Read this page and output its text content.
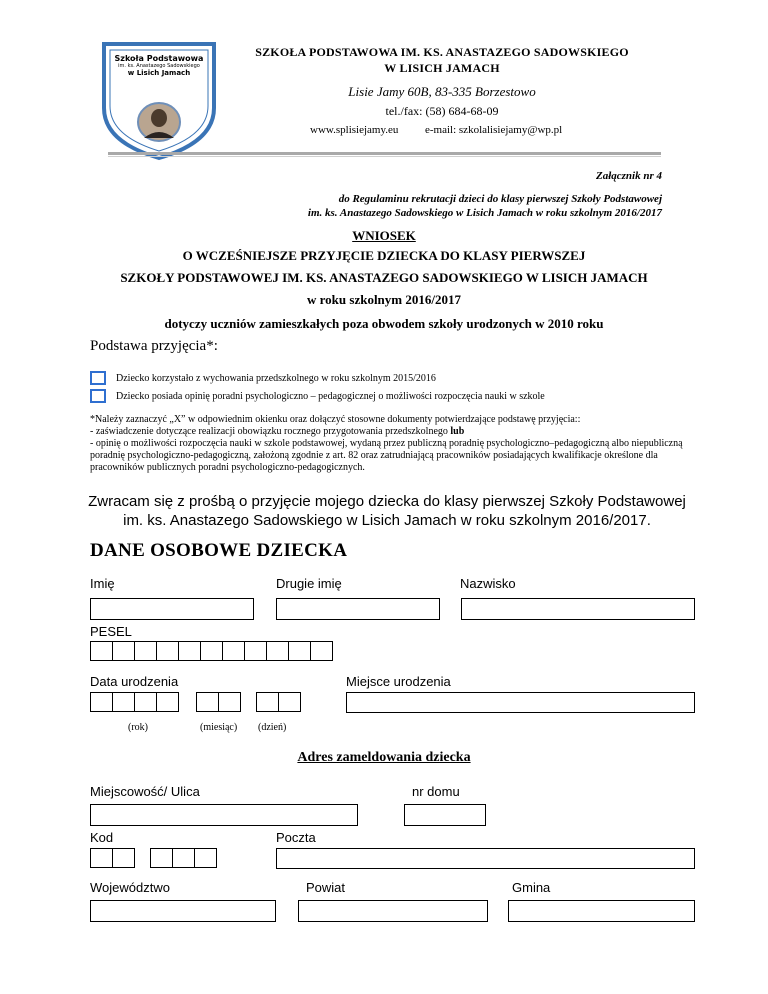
Szkoła Podstawowa
im. ks. Anastazego Sadowskiego
w Lisich Jamach
SZKOŁA PODSTAWOWA IM. KS. ANASTAZEGO SADOWSKIEGO
W LISICH JAMACH
Lisie Jamy 60B, 83-335 Borzestowo
tel./fax: (58) 684-68-09
www.splisiejamy.eu e-mail: szkolalisiejamy@wp.pl
Załącznik nr 4
do Regulaminu rekrutacji dzieci do klasy pierwszej Szkoły Podstawowej
im. ks. Anastazego Sadowskiego w Lisich Jamach w roku szkolnym 2016/2017
WNIOSEK
O WCZEŚNIEJSZE PRZYJĘCIE DZIECKA DO KLASY PIERWSZEJ
SZKOŁY PODSTAWOWEJ IM. KS. ANASTAZEGO SADOWSKIEGO W LISICH JAMACH
w roku szkolnym 2016/2017
dotyczy uczniów zamieszkałych poza obwodem szkoły urodzonych w 2010 roku
Podstawa przyjęcia*:
Dziecko korzystało z wychowania przedszkolnego w roku szkolnym 2015/2016
Dziecko posiada opinię poradni psychologiczno – pedagogicznej o możliwości rozpoczęcia nauki w szkole
*Należy zaznaczyć „X” w odpowiednim okienku oraz dołączyć stosowne dokumenty potwierdzające podstawę przyjęcia::
- zaświadczenie dotyczące realizacji obowiązku rocznego przygotowania przedszkolnego lub
- opinię o możliwości rozpoczęcia nauki w szkole podstawowej, wydaną przez publiczną poradnię psychologiczno–pedagogiczną albo niepubliczną poradnię psychologiczno-pedagogiczną, założoną zgodnie z art. 82 oraz zatrudniającą pracowników posiadających kwalifikacje określone dla pracowników publicznych poradni psychologiczno-pedagogicznych.
Zwracam się z prośbą o przyjęcie mojego dziecka do klasy pierwszej Szkoły Podstawowej
im. ks. Anastazego Sadowskiego w Lisich Jamach w roku szkolnym 2016/2017.
DANE OSOBOWE DZIECKA
Imię	Drugie imię	Nazwisko
PESEL
Data urodzenia	Miejsce urodzenia
(rok)	(miesiąc) (dzień)
Adres zameldowania dziecka
Miejscowość/ Ulica	nr domu
Kod	Poczta
Województwo	Powiat	Gmina
